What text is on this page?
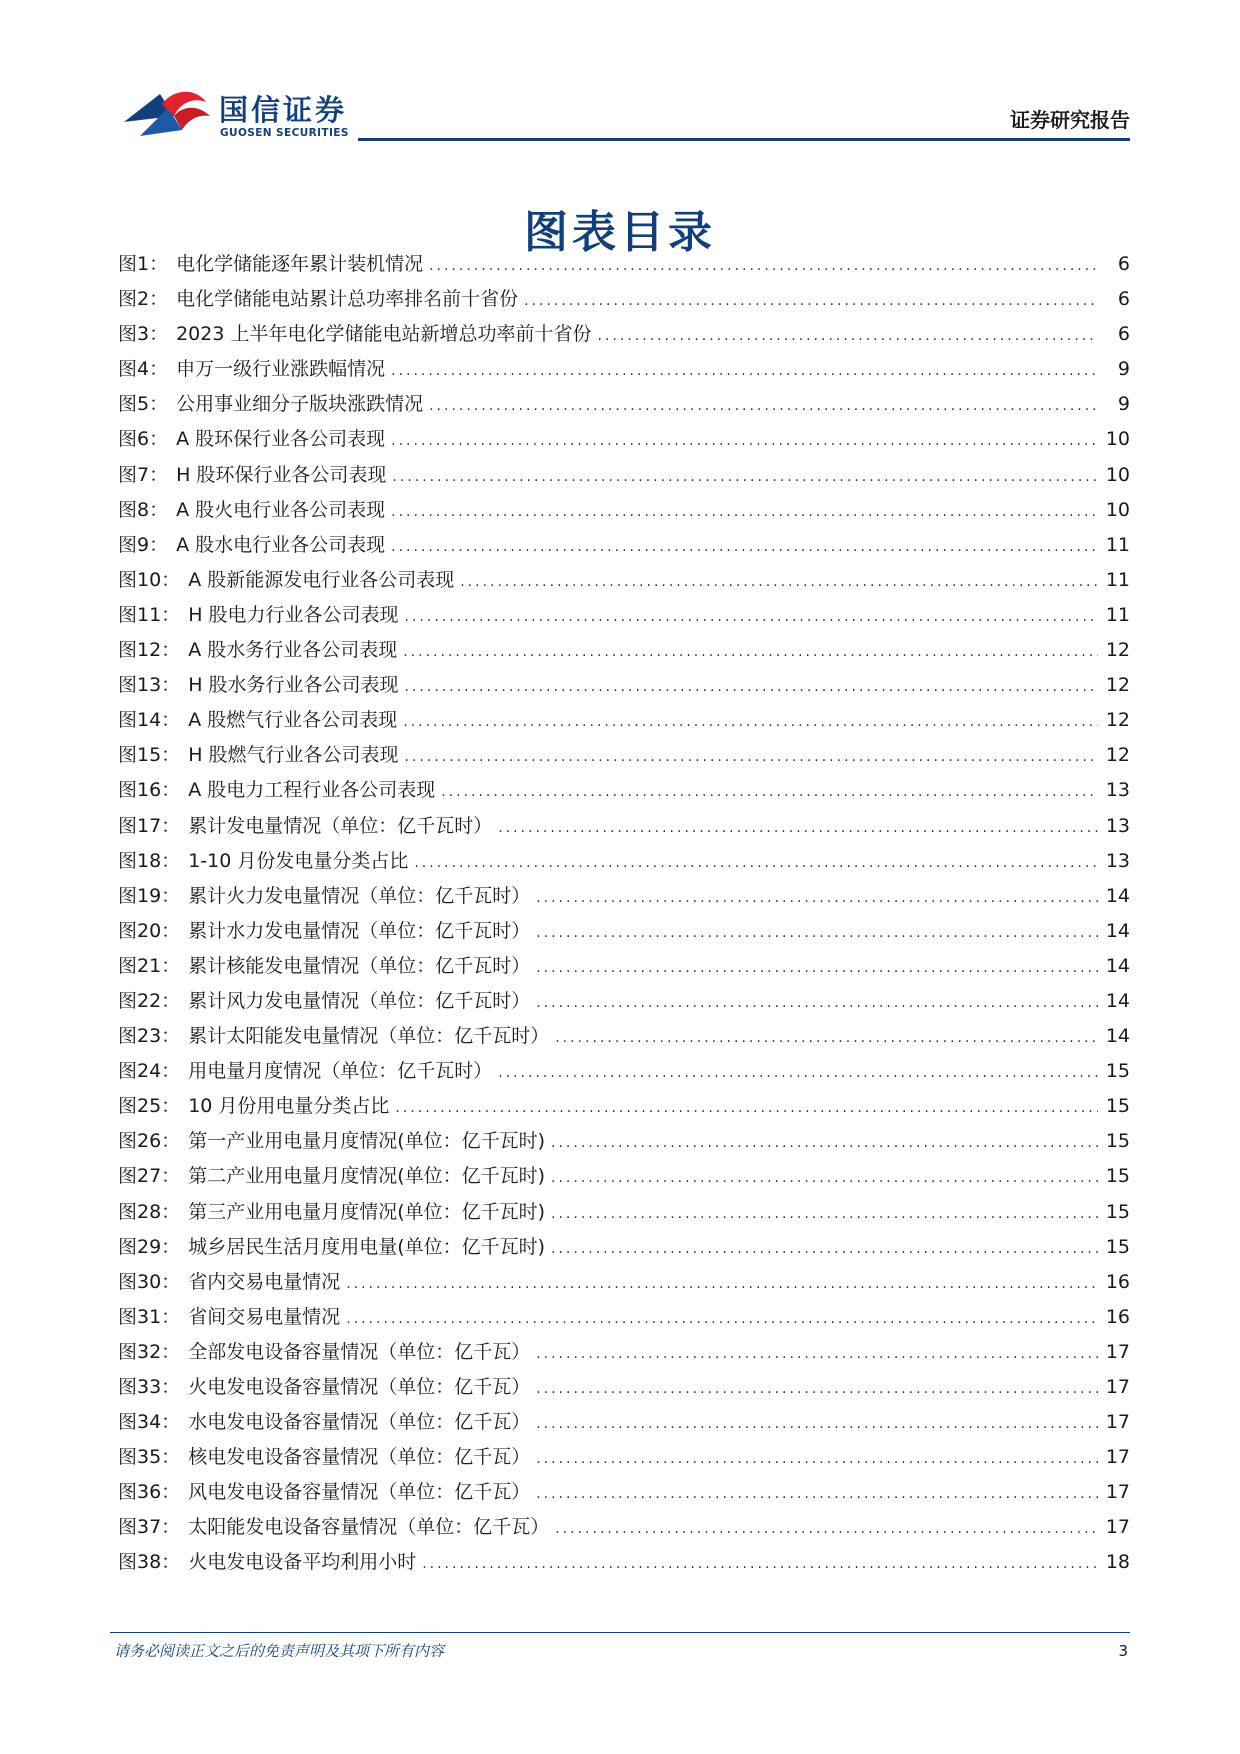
国信证券
GUOSEN SECURITIES
证券研究报告
图表目录
图1： 电化学储能逐年累计装机情况 .....	6
图2： 电化学储能电站累计总功率排名前十省份 .....	6
图3： 2023 上半年电化学储能电站新增总功率前十省份 .....	6
图4： 申万一级行业涨跌幅情况 .....	9
图5： 公用事业细分子版块涨跌情况 .....	9
图6： A 股环保行业各公司表现 .....	10
图7： H 股环保行业各公司表现 .....	10
图8： A 股火电行业各公司表现 .....	10
图9： A 股水电行业各公司表现 .....	11
图10： A 股新能源发电行业各公司表现 .....	11
图11： H 股电力行业各公司表现 .....	11
图12： A 股水务行业各公司表现 .....	12
图13： H 股水务行业各公司表现 .....	12
图14： A 股燃气行业各公司表现 .....	12
图15： H 股燃气行业各公司表现 .....	12
图16： A 股电力工程行业各公司表现 .....	13
图17： 累计发电量情况（单位：亿千瓦时） .....	13
图18： 1-10 月份发电量分类占比 .....	13
图19： 累计火力发电量情况（单位：亿千瓦时） .....	14
图20： 累计水力发电量情况（单位：亿千瓦时） .....	14
图21： 累计核能发电量情况（单位：亿千瓦时） .....	14
图22： 累计风力发电量情况（单位：亿千瓦时） .....	14
图23： 累计太阳能发电量情况（单位：亿千瓦时） .....	14
图24： 用电量月度情况（单位：亿千瓦时） .....	15
图25： 10 月份用电量分类占比 .....	15
图26： 第一产业用电量月度情况(单位：亿千瓦时) .....	15
图27： 第二产业用电量月度情况(单位：亿千瓦时) .....	15
图28： 第三产业用电量月度情况(单位：亿千瓦时) .....	15
图29： 城乡居民生活月度用电量(单位：亿千瓦时) .....	15
图30： 省内交易电量情况 .....	16
图31： 省间交易电量情况 .....	16
图32： 全部发电设备容量情况（单位：亿千瓦） .....	17
图33： 火电发电设备容量情况（单位：亿千瓦） .....	17
图34： 水电发电设备容量情况（单位：亿千瓦） .....	17
图35： 核电发电设备容量情况（单位：亿千瓦） .....	17
图36： 风电发电设备容量情况（单位：亿千瓦） .....	17
图37： 太阳能发电设备容量情况（单位：亿千瓦） .....	17
图38： 火电发电设备平均利用小时 .....	18
请务必阅读正文之后的免责声明及其项下所有内容	3
